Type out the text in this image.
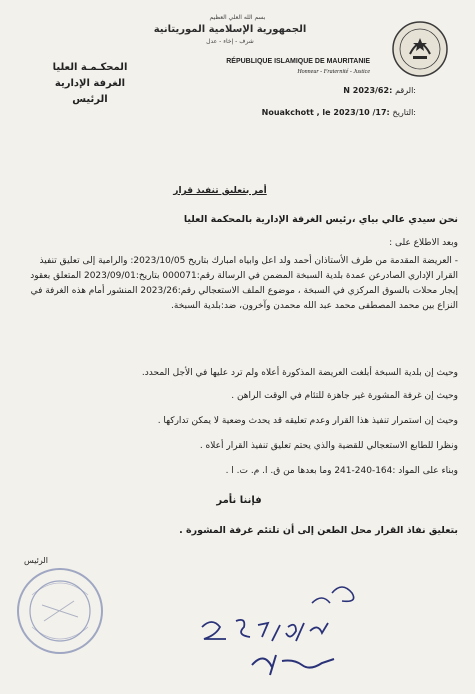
بسم الله العلي العظيم
الجمهورية الإسلامية الموريتانية
شرف - إخاء - عدل
RÉPUBLIQUE ISLAMIQUE DE MAURITANIE
Honneur - Fraternité - Justice
المحكـمـة العليا
الغرفة الإدارية
الرئيس
N 2023/62: الرقم:
Nouakchott , le 2023/10 /17: التاريخ:
أمر بتعليق تنفيذ قرار
نحن سيدي عالي بياي ،رئيس الغرفة الإدارية بالمحكمة العليا
وبعد الاطلاع على :
- العريضة المقدمة من طرف الأستاذان أحمد ولد اعل وابياه امبارك بتاريخ 2023/10/05: والرامية إلى تعليق تنفيذ القرار الإداري الصادرعن عمدة بلدية السبخة المضمن في الرسالة رقم:000071 بتاريخ:2023/09/01 المتعلق بعقود إيجار محلات بالسوق المركزي في السبخة ، موضوع الملف الاستعجالي رقم:2023/26 المنشور أمام هذه الغرفة في النزاع بين محمد المصطفى محمد عبد الله محمدن وآخرون، ضد:بلدية السبخة.
وحيث إن بلدية السبخة أبلغت العريضة المذكورة أعلاه ولم ترد عليها في الأجل المحدد.
وحيث إن غرفة المشورة غير جاهزة للتئام في الوقت الراهن .
وحيث إن استمرار تنفيذ هذا القرار وعدم تعليقه قد يحدث وضعية لا يمكن تداركها .
ونظرا للطابع الاستعجالي للقضية والذي يحتم تعليق تنفيذ القرار أعلاه .
وبناء على المواد :164-240-241 وما بعدها من ق. ا. م. ت. ا .
فإننا نأمر
بتعليق نفاذ القرار محل الطعن إلى أن تلتئم غرفة المشورة .
الرئيس
